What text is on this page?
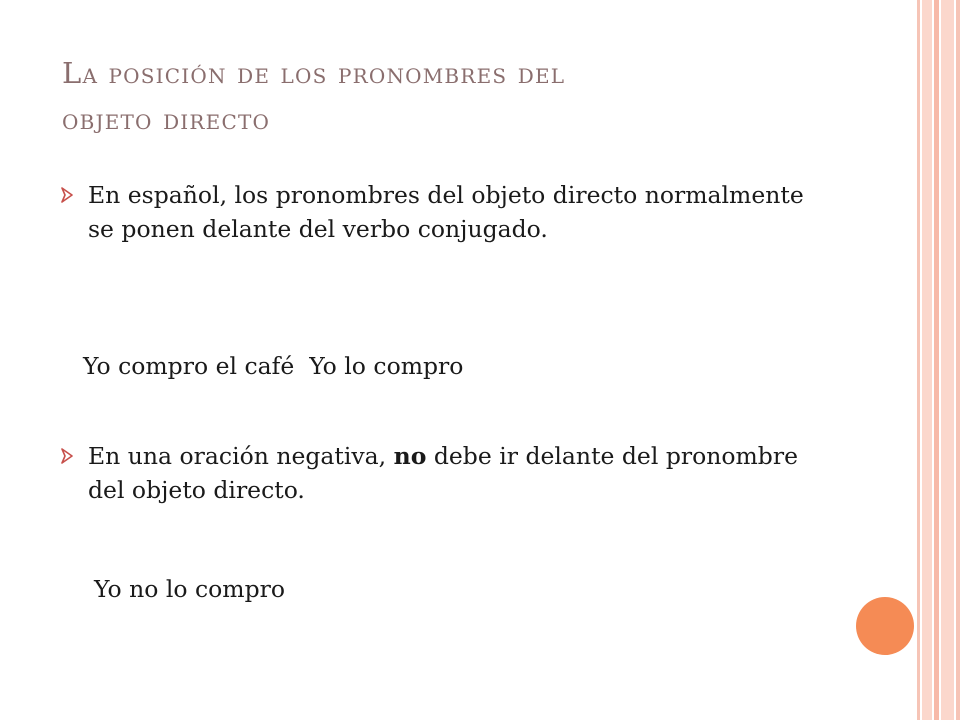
La posición de los pronombres del
objeto directo
En español, los pronombres del objeto directo normalmente se ponen delante del verbo conjugado.
Yo compro el café  Yo lo compro
En una oración negativa, no debe ir delante del pronombre del objeto directo.
Yo no lo compro
